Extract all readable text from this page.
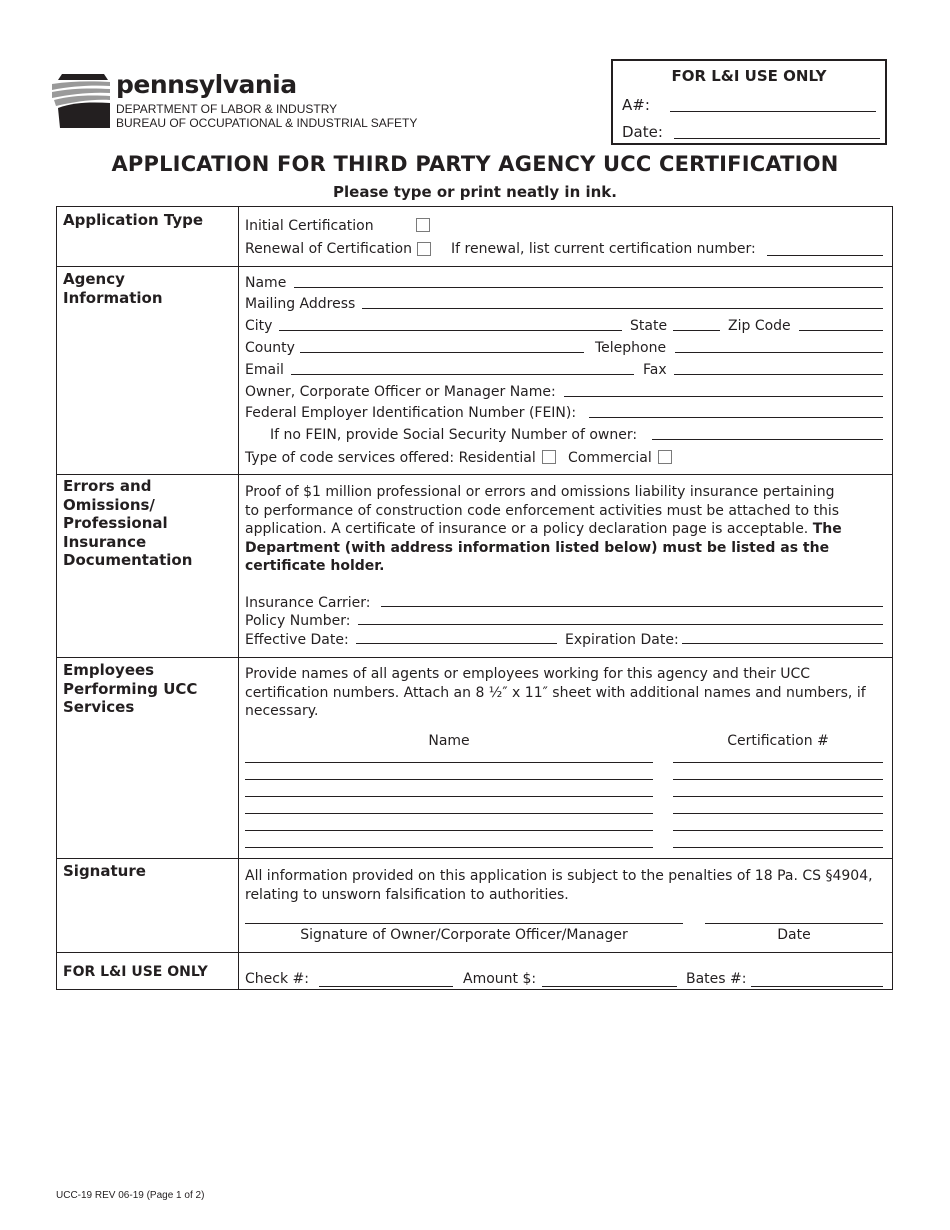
pennsylvania
DEPARTMENT OF LABOR & INDUSTRY
BUREAU OF OCCUPATIONAL & INDUSTRIAL SAFETY
FOR L&I USE ONLY
A#:
Date:
APPLICATION FOR THIRD PARTY AGENCY UCC CERTIFICATION
Please type or print neatly in ink.
Application Type	Initial Certification
Renewal of Certification	If renewal, list current certification number:
Agency
Information
Name
Mailing Address
City	State	Zip Code
County	Telephone
Email	Fax
Owner, Corporate Officer or Manager Name:
Federal Employer Identification Number (FEIN):
If no FEIN, provide Social Security Number of owner:
Type of code services offered: Residential Commercial
Errors and
Omissions/
Professional
Insurance
Documentation
Proof of $1 million professional or errors and omissions liability insurance pertaining
to performance of construction code enforcement activities must be attached to this
application. A certificate of insurance or a policy declaration page is acceptable. The
Department (with address information listed below) must be listed as the
certificate holder.
Insurance Carrier:
Policy Number:
Effective Date:	Expiration Date:
Employees
Performing UCC
Services
Provide names of all agents or employees working for this agency and their UCC
certification numbers. Attach an 8 ½″ x 11″ sheet with additional names and numbers, if
necessary.
Name	Certification #
Signature	All information provided on this application is subject to the penalties of 18 Pa. CS §4904,
relating to unsworn falsification to authorities.
Signature of Owner/Corporate Officer/Manager	Date
FOR L&I USE ONLY	Check #:	Amount $:	Bates #:
UCC-19 REV 06-19 (Page 1 of 2)
